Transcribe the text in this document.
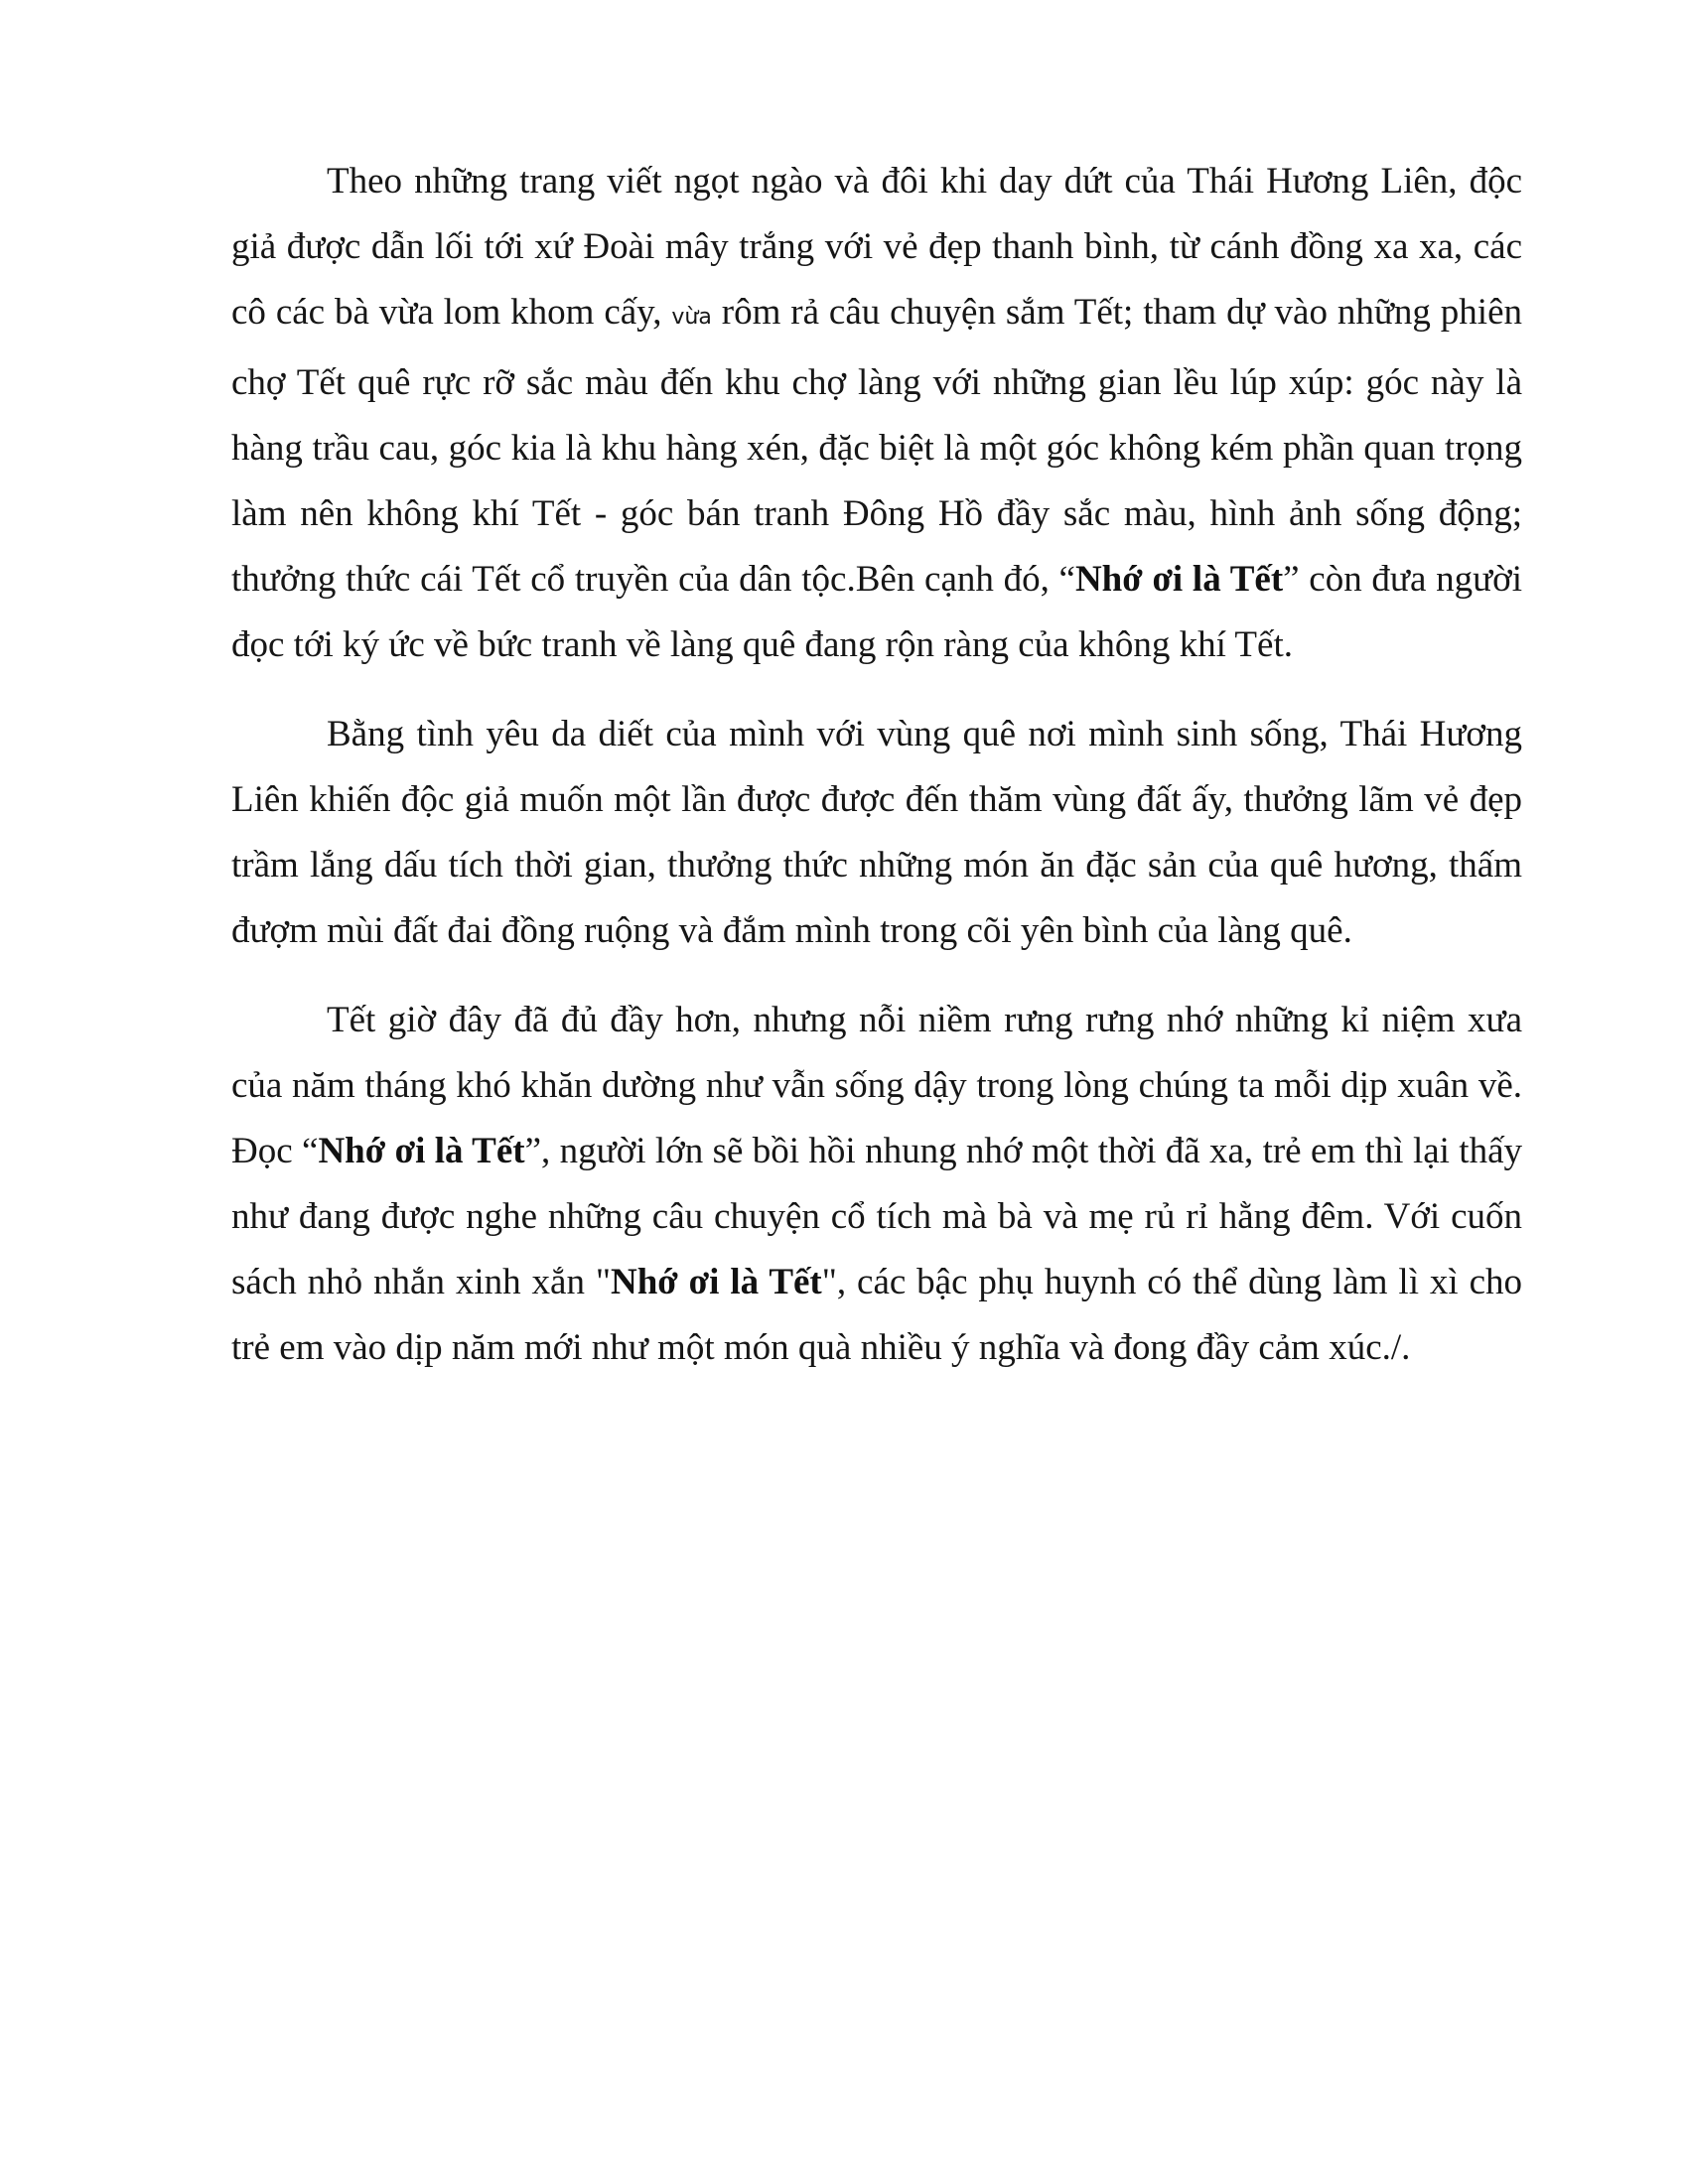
Theo những trang viết ngọt ngào và đôi khi day dứt của Thái Hương Liên, độc giả được dẫn lối tới xứ Đoài mây trắng với vẻ đẹp thanh bình, từ cánh đồng xa xa, các cô các bà vừa lom khom cấy, vừa rôm rả câu chuyện sắm Tết; tham dự vào những phiên chợ Tết quê rực rỡ sắc màu đến khu chợ làng với những gian lều lúp xúp: góc này là hàng trầu cau, góc kia là khu hàng xén, đặc biệt là một góc không kém phần quan trọng làm nên không khí Tết - góc bán tranh Đông Hồ đầy sắc màu, hình ảnh sống động; thưởng thức cái Tết cổ truyền của dân tộc.Bên cạnh đó, “Nhớ ơi là Tết” còn đưa người đọc tới ký ức về bức tranh về làng quê đang rộn ràng của không khí Tết.

Bằng tình yêu da diết của mình với vùng quê nơi mình sinh sống, Thái Hương Liên khiến độc giả muốn một lần được được đến thăm vùng đất ấy, thưởng lãm vẻ đẹp trầm lắng dấu tích thời gian, thưởng thức những món ăn đặc sản của quê hương, thấm đượm mùi đất đai đồng ruộng và đắm mình trong cõi yên bình của làng quê.

Tết giờ đây đã đủ đầy hơn, nhưng nỗi niềm rưng rưng nhớ những kỉ niệm xưa của năm tháng khó khăn dường như vẫn sống dậy trong lòng chúng ta mỗi dịp xuân về. Đọc “Nhớ ơi là Tết”, người lớn sẽ bồi hồi nhung nhớ một thời đã xa, trẻ em thì lại thấy như đang được nghe những câu chuyện cổ tích mà bà và mẹ rủ rỉ hằng đêm. Với cuốn sách nhỏ nhắn xinh xắn "Nhớ ơi là Tết", các bậc phụ huynh có thể dùng làm lì xì cho trẻ em vào dịp năm mới như một món quà nhiều ý nghĩa và đong đầy cảm xúc./.
